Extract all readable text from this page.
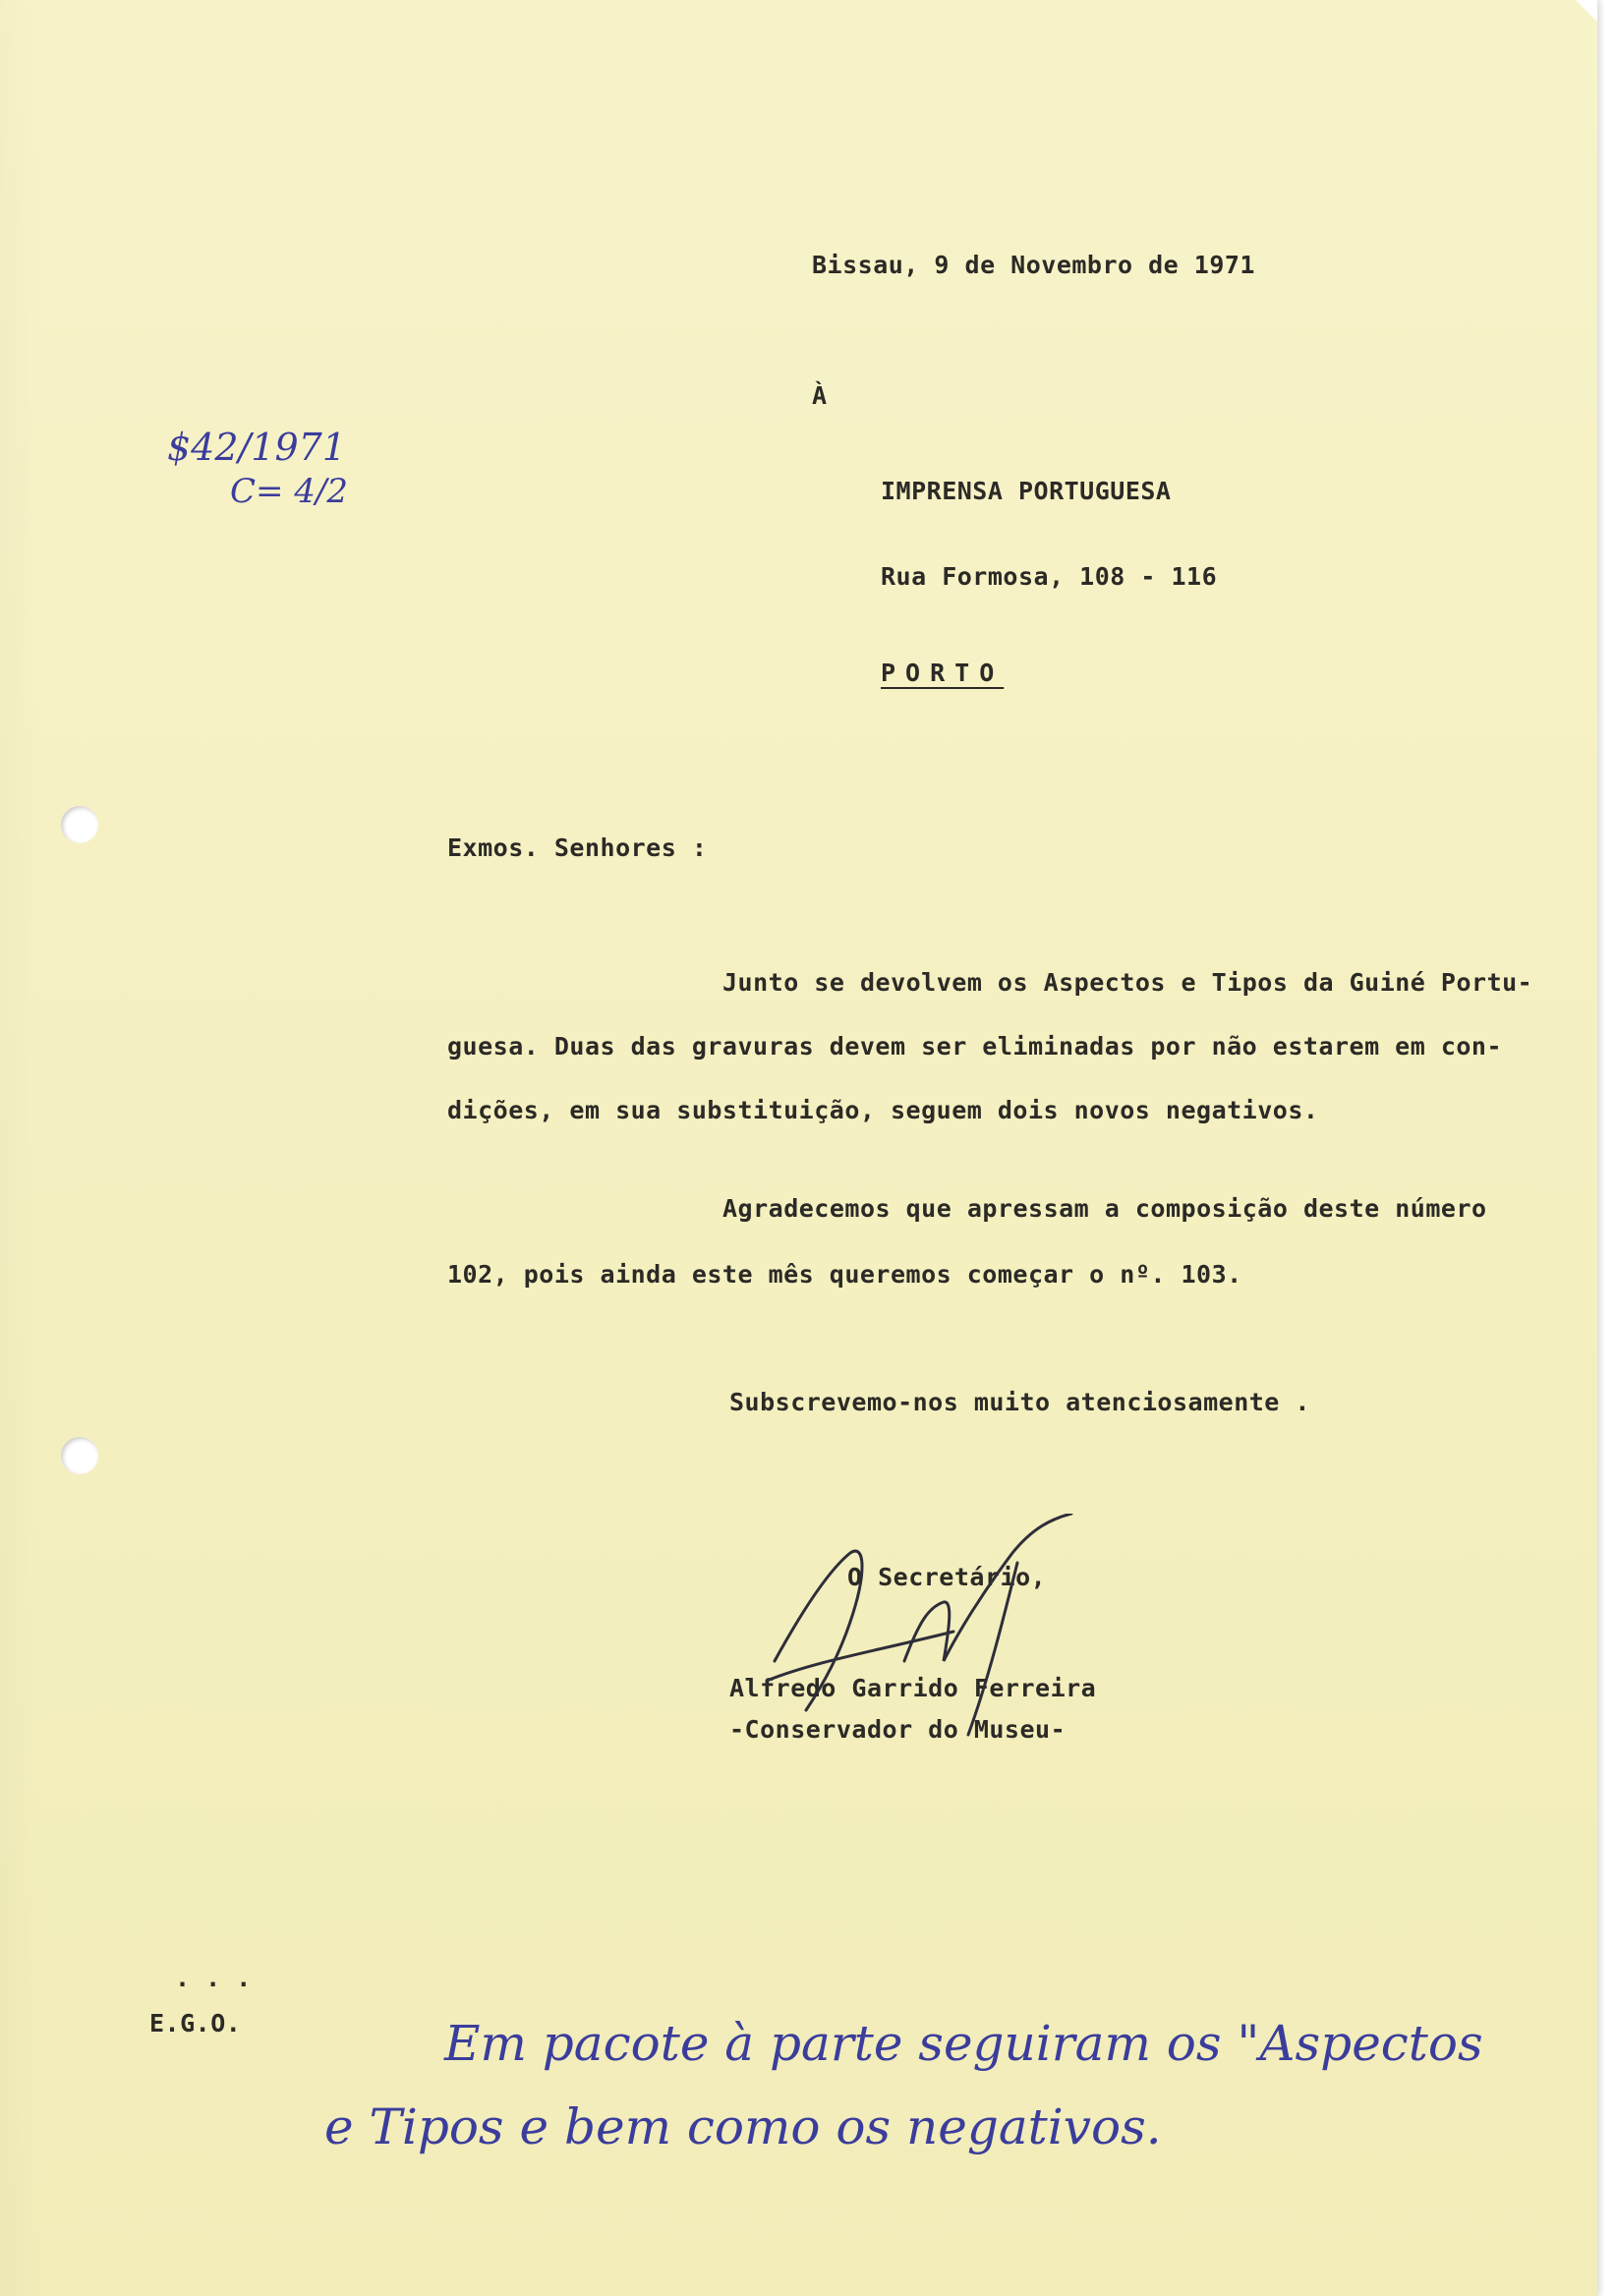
Bissau, 9 de Novembro de 1971

À

$42/1971

C= 4/2	IMPRENSA PORTUGUESA

Rua Formosa, 108 - 116

PORTO

Exmos. Senhores :

Junto se devolvem os Aspectos e Tipos da Guiné Portu-

guesa. Duas das gravuras devem ser eliminadas por não estarem em con-

dições, em sua substituição, seguem dois novos negativos.

Agradecemos que apressam a composição deste número

102, pois ainda este mês queremos começar o nº. 103.

Subscrevemo-nos muito atenciosamente .

O Secretário,

Alfredo Garrido Ferreira

-Conservador do Museu-

. . .

E.G.O.	Em pacote à parte seguiram os "Aspectos

e Tipos e bem como os negativos.
